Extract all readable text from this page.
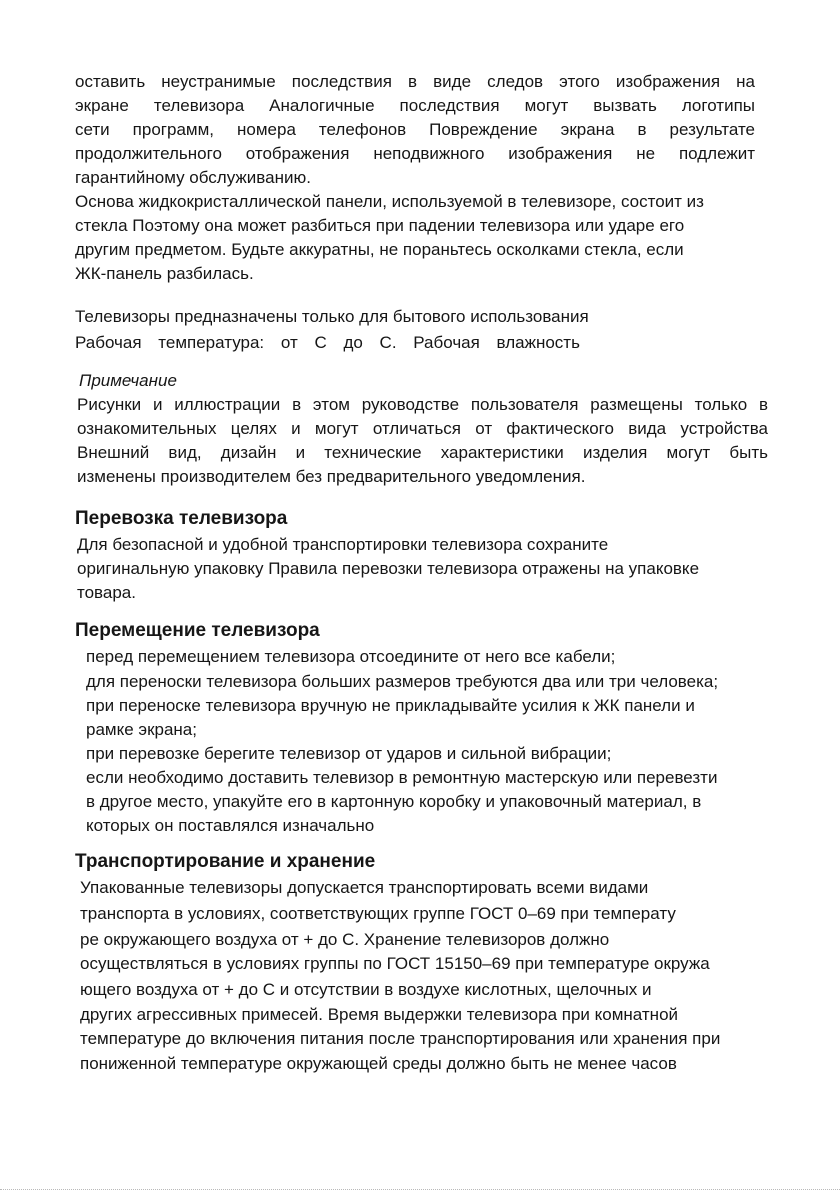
оставить неустранимые последствия в виде следов этого изображения на
экране телевизора Аналогичные последствия могут вызвать логотипы
сети программ, номера телефонов Повреждение экрана в результате
продолжительного отображения неподвижного изображения не подлежит
гарантийному обслуживанию.
Основа жидкокристаллической панели, используемой в телевизоре, состоит из
стекла Поэтому она может разбиться при падении телевизора или ударе его
другим предметом. Будьте аккуратны, не пораньтесь осколками стекла, если
ЖК-панель разбилась.
Телевизоры предназначены только для бытового использования
Рабочая температура: от С до С. Рабочая влажность
Примечание
Рисунки и иллюстрации в этом руководстве пользователя размещены только в
ознакомительных целях и могут отличаться от фактического вида устройства
Внешний вид, дизайн и технические характеристики изделия могут быть
изменены производителем без предварительного уведомления.
Перевозка телевизора
Для безопасной и удобной транспортировки телевизора сохраните
оригинальную упаковку Правила перевозки телевизора отражены на упаковке
товара.
Перемещение телевизора
перед перемещением телевизора отсоедините от него все кабели;
для переноски телевизора больших размеров требуются два или три человека;
при переноске телевизора вручную не прикладывайте усилия к ЖК панели и
рамке экрана;
при перевозке берегите телевизор от ударов и сильной вибрации;
если необходимо доставить телевизор в ремонтную мастерскую или перевезти
в другое место, упакуйте его в картонную коробку и упаковочный материал, в
которых он поставлялся изначально
Транспортирование и хранение
Упакованные телевизоры допускается транспортировать всеми видами
транспорта в условиях, соответствующих группе ГОСТ 0–69 при температу
ре окружающего воздуха от + до С. Хранение телевизоров должно
осуществляться в условиях группы по ГОСТ 15150–69 при температуре окружа
ющего воздуха от + до С и отсутствии в воздухе кислотных, щелочных и
других агрессивных примесей. Время выдержки телевизора при комнатной
температуре до включения питания после транспортирования или хранения при
пониженной температуре окружающей среды должно быть не менее часов
